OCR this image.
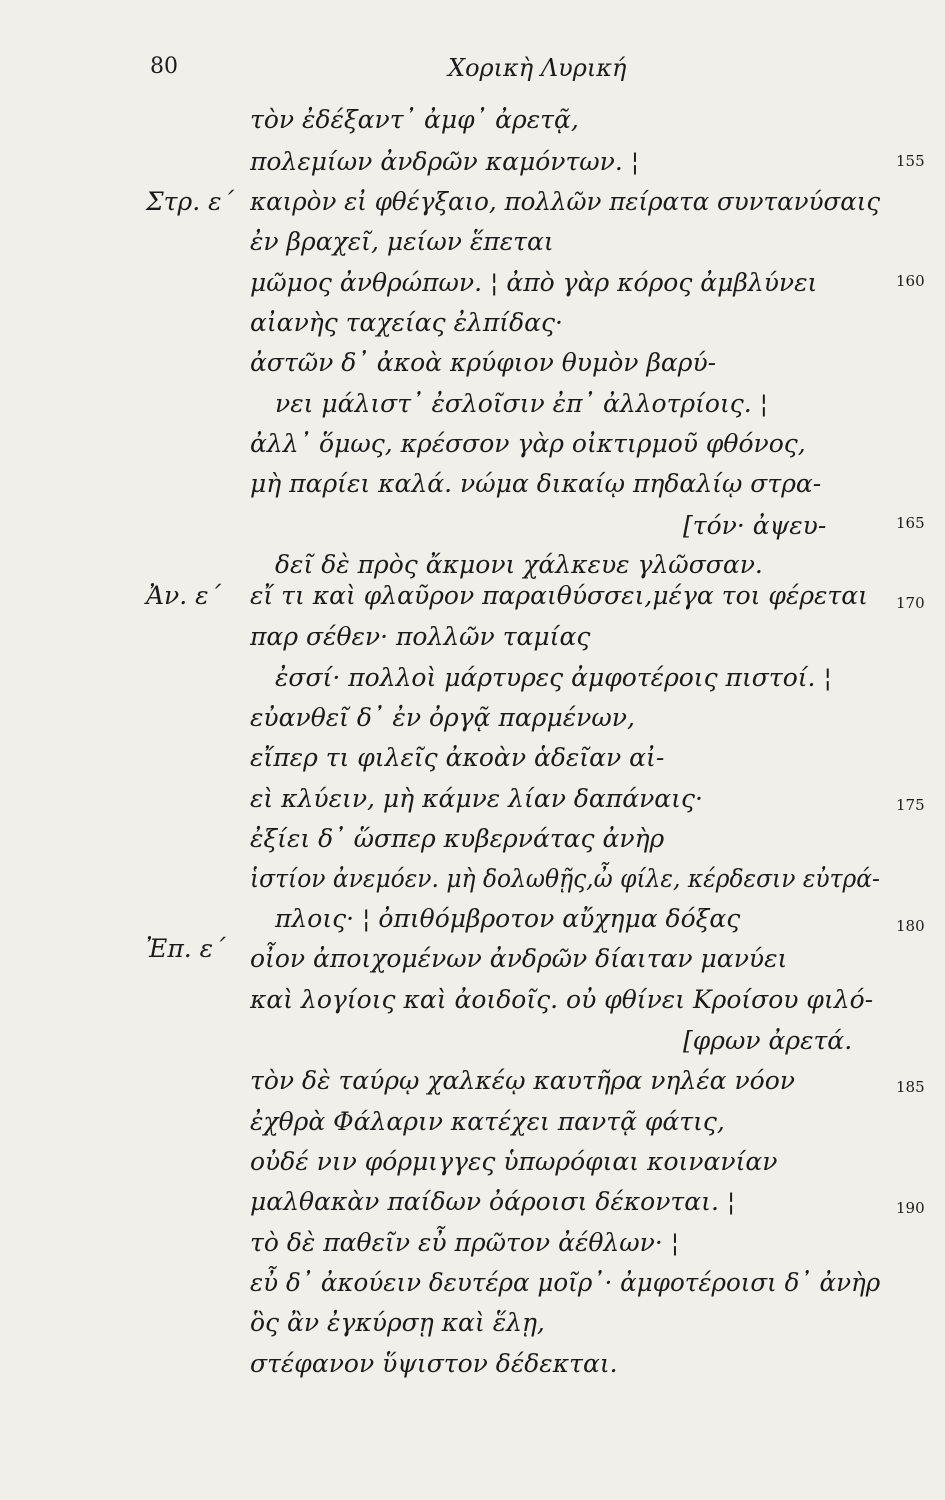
80	Χορικὴ Λυρική
Στρ. ε΄
Ἀν. ε΄
Ἐπ. ε΄
τὸν ἐδέξαντ᾽ ἀμφ᾽ ἀρετᾷ,
πολεμίων ἀνδρῶν καμόντων. ¦
καιρὸν εἰ φθέγξαιο, πολλῶν πείρατα συντανύσαις
ἐν βραχεῖ, μείων ἕπεται
μῶμος ἀνθρώπων. ¦ ἀπὸ γὰρ κόρος ἀμβλύνει
αἰανὴς ταχείας ἐλπίδας·
ἀστῶν δ᾽ ἀκοὰ κρύφιον θυμὸν βαρύ-
νει μάλιστ᾽ ἐσλοῖσιν ἐπ᾽ ἀλλοτρίοις. ¦
ἀλλ᾽ ὅμως, κρέσσον γὰρ οἰκτιρμοῦ φθόνος,
μὴ παρίει καλά. νώμα δικαίῳ πηδαλίῳ στρα-
[τόν· ἀψευ-
δεῖ δὲ πρὸς ἄκμονι χάλκευε γλῶσσαν.
εἴ τι καὶ φλαῦρον παραιθύσσει,μέγα τοι φέρεται
παρ σέθεν· πολλῶν ταμίας
ἐσσί· πολλοὶ μάρτυρες ἀμφοτέροις πιστοί. ¦
εὐανθεῖ δ᾽ ἐν ὀργᾷ παρμένων,
εἴπερ τι φιλεῖς ἀκοὰν ἁδεῖαν αἰ-
εὶ κλύειν, μὴ κάμνε λίαν δαπάναις·
ἐξίει δ᾽ ὥσπερ κυβερνάτας ἀνὴρ
ἱστίον ἀνεμόεν. μὴ δολωθῇς,ὦ φίλε, κέρδεσιν εὐτρά-
πλοις· ¦ ὀπιθόμβροτον αὔχημα δόξας
οἶον ἀποιχομένων ἀνδρῶν δίαιταν μανύει
καὶ λογίοις καὶ ἀοιδοῖς. οὐ φθίνει Κροίσου φιλό-
[φρων ἀρετά.
τὸν δὲ ταύρῳ χαλκέῳ καυτῆρα νηλέα νόον
ἐχθρὰ Φάλαριν κατέχει παντᾷ φάτις,
οὐδέ νιν φόρμιγγες ὑπωρόφιαι κοινανίαν
μαλθακὰν παίδων ὀάροισι δέκονται. ¦
τὸ δὲ παθεῖν εὖ πρῶτον ἀέθλων· ¦
εὖ δ᾽ ἀκούειν δευτέρα μοῖρ᾽· ἀμφοτέροισι δ᾽ ἀνὴρ
ὃς ἂν ἐγκύρσῃ καὶ ἕλῃ,
στέφανον ὕψιστον δέδεκται.
155
160
165
170
175
180
185
190
